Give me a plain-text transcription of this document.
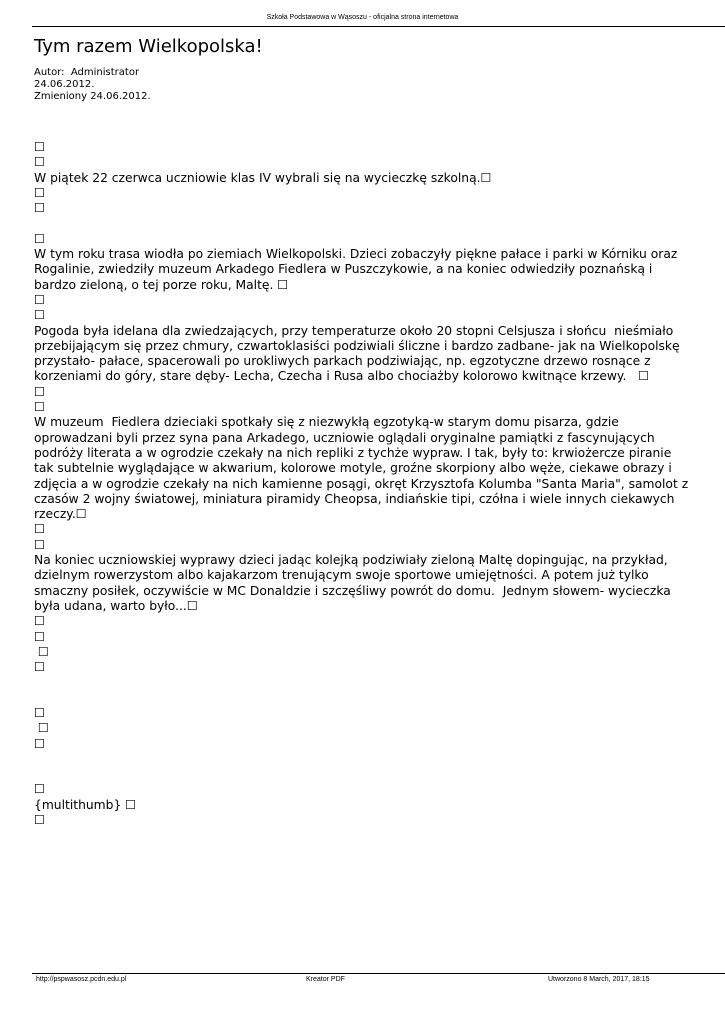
Szkoła Podstawowa w Wąsoszu - oficjalna strona internetowa
Tym razem Wielkopolska!
Autor:  Administrator
24.06.2012.
Zmieniony 24.06.2012.
☐
☐
W piątek 22 czerwca uczniowie klas IV wybrali się na wycieczkę szkolną.☐
☐
☐
☐
W tym roku trasa wiodła po ziemiach Wielkopolski. Dzieci zobaczyły piękne pałace i parki w Kórniku oraz Rogalinie, zwiedziły muzeum Arkadego Fiedlera w Puszczykowie, a na koniec odwiedziły poznańską i bardzo zieloną, o tej porze roku, Maltę. ☐
☐
☐
Pogoda była idelana dla zwiedzających, przy temperaturze około 20 stopni Celsjusza i słońcu  nieśmiało przebijającym się przez chmury, czwartoklasiści podziwiali śliczne i bardzo zadbane- jak na Wielkopolskę przystało- pałace, spacerowali po urokliwych parkach podziwiając, np. egzotyczne drzewo rosnące z korzeniami do góry, stare dęby- Lecha, Czecha i Rusa albo chociażby kolorowo kwitnące krzewy.   ☐
☐
☐
W muzeum  Fiedlera dzieciaki spotkały się z niezwykłą egzotyką-w starym domu pisarza, gdzie oprowadzani byli przez syna pana Arkadego, uczniowie oglądali oryginalne pamiątki z fascynujących podróży literata a w ogrodzie czekały na nich repliki z tychże wypraw. I tak, były to: krwiożercze piranie tak subtelnie wyglądające w akwarium, kolorowe motyle, groźne skorpiony albo węże, ciekawe obrazy i zdjęcia a w ogrodzie czekały na nich kamienne posągi, okręt Krzysztofa Kolumba "Santa Maria", samolot z czasów 2 wojny światowej, miniatura piramidy Cheopsa, indiańskie tipi, czółna i wiele innych ciekawych rzeczy.☐
☐
☐
Na koniec uczniowskiej wyprawy dzieci jadąc kolejką podziwiały zieloną Maltę dopingując, na przykład, dzielnym rowerzystom albo kajakarzom trenującym swoje sportowe umiejętności. A potem już tylko smaczny posiłek, oczywiście w MC Donaldzie i szczęśliwy powrót do domu.  Jednym słowem- wycieczka była udana, warto było...☐
☐
☐
☐
☐
☐
☐
☐
☐
{multithumb} ☐
☐
http://pspwasosz.pcdn.edu.pl	Kreator PDF	Utworzono 8 March, 2017, 18:15
